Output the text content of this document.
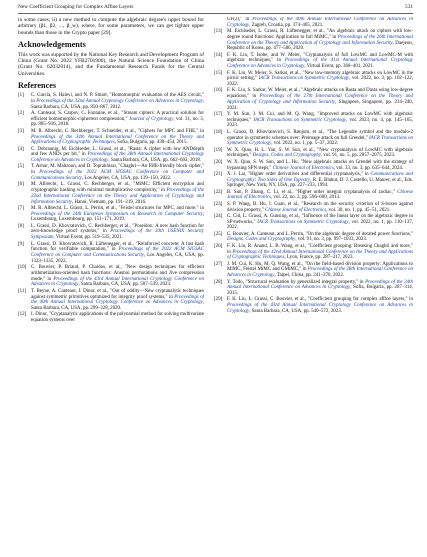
New Coefficient Grouping for Complex Affine Layers	531

in some cases; ii) a new method to compute the algebraic degree's upper bound for arbitrary (β1, β2, ..., β_w), where, for some parameters, we can get tighter upper bounds than those in the Crypto paper [29].

Acknowledgements

This work was supported by the National Key Research and Development Program of China (Grant No. 2022 YFB2701900), the Natural Science Foundation of China (Grant No. 62032014), and the Fundamental Research Funds for the Central Universities.

References
[1]	C. Garcia, S. Halevi, and N. P. Smart, "Homomorphic evaluation of the AES circuit," in Proceedings of the 32nd Annual Cryptology Conference on Advances in Cryptology, Santa Barbara, CA, USA, pp. 850–867, 2012.
[2]	A. Canteaut, S. Carpov, C. Fontaine, et al., "Stream ciphers: A practical solution for efficient homomorphic-ciphertext compression," Journal of Cryptology, vol. 31, no. 3, pp. 885–916, 2018.
[3]	M. R. Albrecht, C. Rechberger, T. Schneider, et al., "Ciphers for MPC and FHE," in Proceedings of the 34th Annual International Conference on the Theory and Applications of Cryptographic Techniques, Sofia, Bulgaria, pp. 430–454, 2015.
[4]	C. Dobraunig, M. Eichlseder, L. Grassi, et al., "Rasta: A cipher with low ANDdepth and few ANDs per bit," in Proceedings of the 38th Annual International Cryptology Conference on Advances in Cryptology, Santa Barbara, CA, USA, pp. 662–692, 2018.
[5]	T. Ashur, M. Mahzoun, and D. Toprakhisar, "Chaghri—An FHE-friendly block cipher," in Proceedings of the 2022 ACM SIGSAC Conference on Computer and Communications Security, Los Angeles, CA, USA, pp. 139–150, 2022.
[6]	M. Albrecht, L. Grassi, C. Rechberger, et al., "MiMC: Efficient encryption and cryptographic hashing with minimal multiplicative complexity," in Proceedings of the 22nd International Conference on the Theory and Application of Cryptology and Information Security, Hanoi, Vietnam, pp. 191–219, 2016.
[7]	M. R. Albrecht, L. Grassi, L. Perrin, et al., "Feistel structures for MPC, and more," in Proceedings of the 24th European Symposium on Research in Computer Security, Luxembourg, Luxembourg, pp. 151–171, 2019.
[8]	L. Grassi, D. Khovratovich, C. Rechberger, et al., "Poseidon: A new hash function for zero-knowledge proof systems," in Proceedings of the 30th USENIX Security Symposium, Virtual Event, pp. 519–535, 2021.
[9]	L. Grassi, D. Khovratovich, R. Lüftenegger, et al., "Reinforced concrete: A fast hash function for verifiable computation," in Proceedings of the 2022 ACM SIGSAC Conference on Computer and Communications Security, Los Angeles, CA, USA, pp. 1323–1335, 2022.
[10] C. Bouvier, P. Briaud, P. Chaidos, et al., "New design techniques for efficient arithmetization-oriented hash functions: Anemoi permutations and Jive compression mode," in Proceedings of the 43rd Annual International Cryptology Conference on Advances in Cryptology, Santa Barbara, CA, USA, pp. 507–539, 2023.
[11]	T. Beyne, A. Canteaut, I. Dinur, et al., "Out of oddity—New cryptanalytic techniques against symmetric primitives optimized for integrity proof systems," in Proceedings of the 40th Annual International Cryptology Conference on Advances in Cryptology, Santa Barbara, CA, USA, pp. 299–328, 2020.
[12] I. Dinur, "Cryptanalytic applications of the polynomial method for solving multivariate equation systems over
GF(2)," in Proceedings of the 40th Annual International Conference on Advances in Cryptology, Zagreb, Croatia, pp. 374–405, 2021.
[13] M. Eichlseder, L. Grassi, R. Lüftenegger, et al., "An algebraic attack on ciphers with low-degree round functions: Application to full MiMC," in Proceedings of the 26th International Conference on the Theory and Application of Cryptology and Information Security, Daejeon, Republic of Korea, pp. 477–506, 2020.
[14] F. K. Liu, T. Isobe, and W. Meier, "Cryptanalysis of full LowMC and LowMC-M with algebraic techniques," in Proceedings of the 41st Annual International Cryptology Conference on Advances in Cryptology, Virtual Event, pp. 368–401, 2021.
[15] F. K. Liu, W. Meier, S. Sarkar, et al., "New low-memory algebraic attacks on LowMC in the picnic setting," IACR Transactions on Symmetric Cryptology, vol. 2022, no. 3, pp. 102–122, 2022.
[16] F. K. Liu, S. Sarkar, W. Meier, et al., "Algebraic attacks on Rasta and Dasta using low-degree equations," in Proceedings of the 27th International Conference on the Theory and Application of Cryptology and Information Security, Singapore, Singapore, pp. 214–240, 2021.
[17] Y. M. Sun, J. M. Cui, and M. Q. Wang, "Improved attacks on LowMC with algebraic techniques," IACR Transactions on Symmetric Cryptology, vol. 2023, no. 4, pp. 145–165, 2023.
[18] L. Grassi, D. Khovratovich, S. Rønjom, et al., "The Legendre symbol and the modulo-2 operator in symmetric schemes over: Preimage attack on full Grendel," IACR Transactions on Symmetric Cryptology, vol. 2022, no. 1, pp. 5–37, 2022.
[19] W. X. Qiao, H. L. Yan, S. W. Sun, et al., "New cryptanalysis of LowMC with algebraic techniques," Designs, Codes and Cryptography, vol. 91, no. 5, pp. 2057–2075, 2023.
[20] W. X. Qiao, S. W. Sun, and L. Hu, "New algebraic attacks on Grendel with the strategy of bypassing SPN steps," Chinese Journal of Electronics, vol. 33, no. 3, pp. 635–644, 2024.
[21] X. J. Lai, "Higher order derivatives and differential cryptanalysis," in Communications and Cryptography: Two Sides of One Tapestry, R. E. Blahut, D. J. Costello, U. Maurer, et al., Eds. Springer, New York, NY, USA, pp. 227–233, 1994.
[22] B. Sun, P. Zhang, C. Li, et al., "Higher order integral cryptanalysis of zodiac," Chinese Journal of Electronics, vol. 22, no. 3, pp. 596–600, 2013.
[23] S. P. Wang, B. Hu, J. Guan, et al., "Research on the security criterion of S-boxes against division property," Chinese Journal of Electronics, vol. 30, no. 1, pp. 45–51, 2021.
[24] C. Cid, L. Grassi, A. Gunsing, et al., "Influence of the linear layer on the algebraic degree in SP-networks," IACR Transactions on Symmetric Cryptology, vol. 2022, no. 1, pp. 110–137, 2022.
[25] C. Bouvier, A. Canteaut, and L. Perrin, "On the algebraic degree of iterated power functions," Designs, Codes and Cryptography, vol. 91, no. 3, pp. 997–1033, 2023.
[26] F. K. Liu, R. Anand, L. B. Wang, et al., "Coefficient grouping: Breaking Chaghri and more," in Proceedings of the 42nd Annual International Conference on the Theory and Applications of Cryptographic Techniques, Lyon, France, pp. 287–317, 2023.
[27] J. M. Cui, K. Hu, M. Q. Wang, et al., "On the field-based division property: Applications to MiMC, Feistel MiMC and GMiMC," in Proceedings of the 28th International Conference on Advances in Cryptology, Taipei, China, pp. 241–270, 2022.
[28] Y. Todo, "Structural evaluation by generalized integral property," in Proceedings of the 34th Annual International Conference on Advances in Cryptology, Sofia, Bulgaria, pp. 287–314, 2015.
[29] F. K. Liu, L. Grassi, C. Bouvier, et al., "Coefficient grouping for complex affine layers," in Proceedings of the 43rd Annual International Cryptology Conference on Advances in Cryptology, Santa Barbara, CA, USA, pp. 540–572, 2023.
